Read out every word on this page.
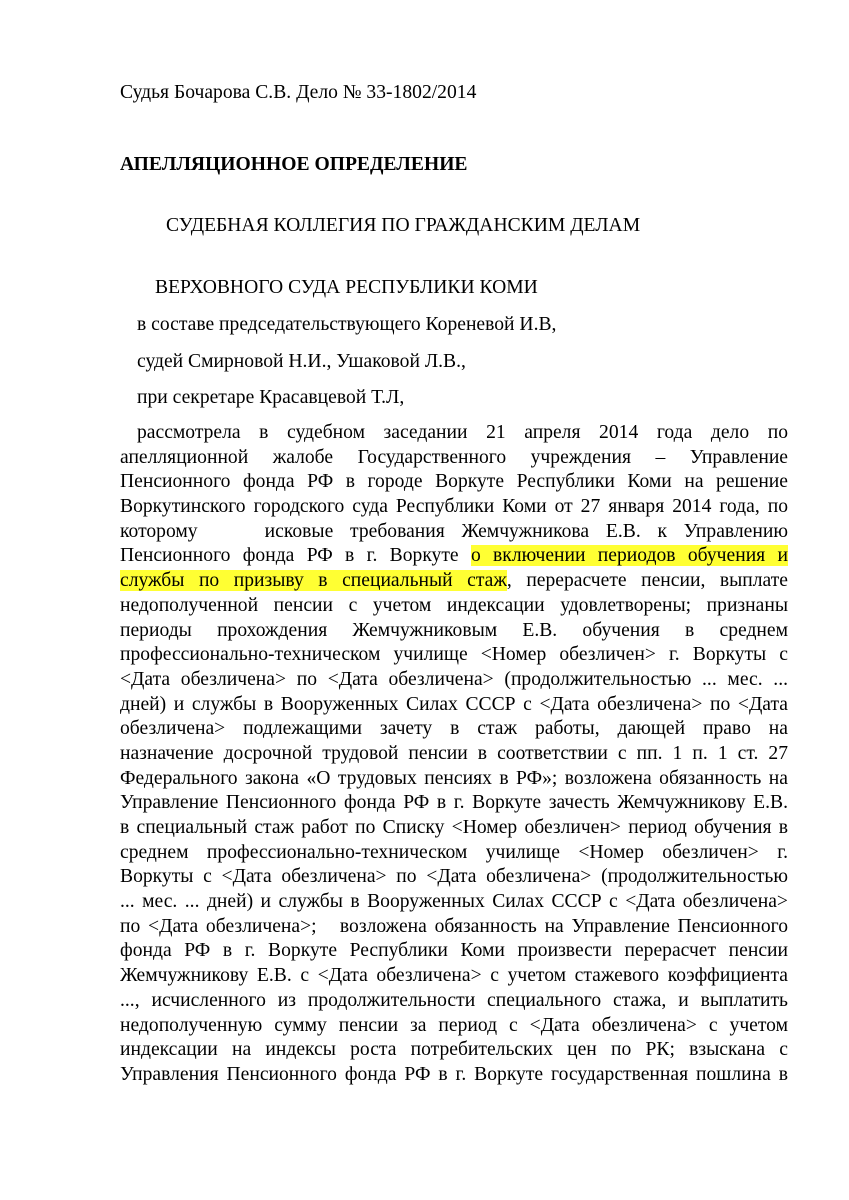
Судья Бочарова С.В. Дело № 33-1802/2014
АПЕЛЛЯЦИОННОЕ ОПРЕДЕЛЕНИЕ
СУДЕБНАЯ КОЛЛЕГИЯ ПО ГРАЖДАНСКИМ ДЕЛАМ
ВЕРХОВНОГО СУДА РЕСПУБЛИКИ КОМИ
в составе председательствующего Кореневой И.В,
судей Смирновой Н.И., Ушаковой Л.В.,
при секретаре Красавцевой Т.Л,
рассмотрела в судебном заседании 21 апреля 2014 года дело по
апелляционной жалобе Государственного учреждения – Управление
Пенсионного фонда РФ в городе Воркуте Республики Коми на решение
Воркутинского городского суда Республики Коми от 27 января 2014 года, по
которому    исковые требования Жемчужникова Е.В. к Управлению
Пенсионного фонда РФ в г. Воркуте о включении периодов обучения и
службы по призыву в специальный стаж, перерасчете пенсии, выплате
недополученной пенсии с учетом индексации удовлетворены; признаны
периоды прохождения Жемчужниковым Е.В. обучения в среднем
профессионально-техническом училище <Номер обезличен> г. Воркуты с
<Дата обезличена> по <Дата обезличена> (продолжительностью ... мес. ...
дней) и службы в Вооруженных Силах СССР с <Дата обезличена> по <Дата
обезличена> подлежащими зачету в стаж работы, дающей право на
назначение досрочной трудовой пенсии в соответствии с пп. 1 п. 1 ст. 27
Федерального закона «О трудовых пенсиях в РФ»; возложена обязанность на
Управление Пенсионного фонда РФ в г. Воркуте зачесть Жемчужникову Е.В.
в специальный стаж работ по Списку <Номер обезличен> период обучения в
среднем профессионально-техническом училище <Номер обезличен> г.
Воркуты с <Дата обезличена> по <Дата обезличена> (продолжительностью
... мес. ... дней) и службы в Вооруженных Силах СССР с <Дата обезличена>
по <Дата обезличена>;   возложена обязанность на Управление Пенсионного
фонда РФ в г. Воркуте Республики Коми произвести перерасчет пенсии
Жемчужникову Е.В. с <Дата обезличена> с учетом стажевого коэффициента
..., исчисленного из продолжительности специального стажа, и выплатить
недополученную сумму пенсии за период с <Дата обезличена> с учетом
индексации на индексы роста потребительских цен по РК; взыскана с
Управления Пенсионного фонда РФ в г. Воркуте государственная пошлина в
